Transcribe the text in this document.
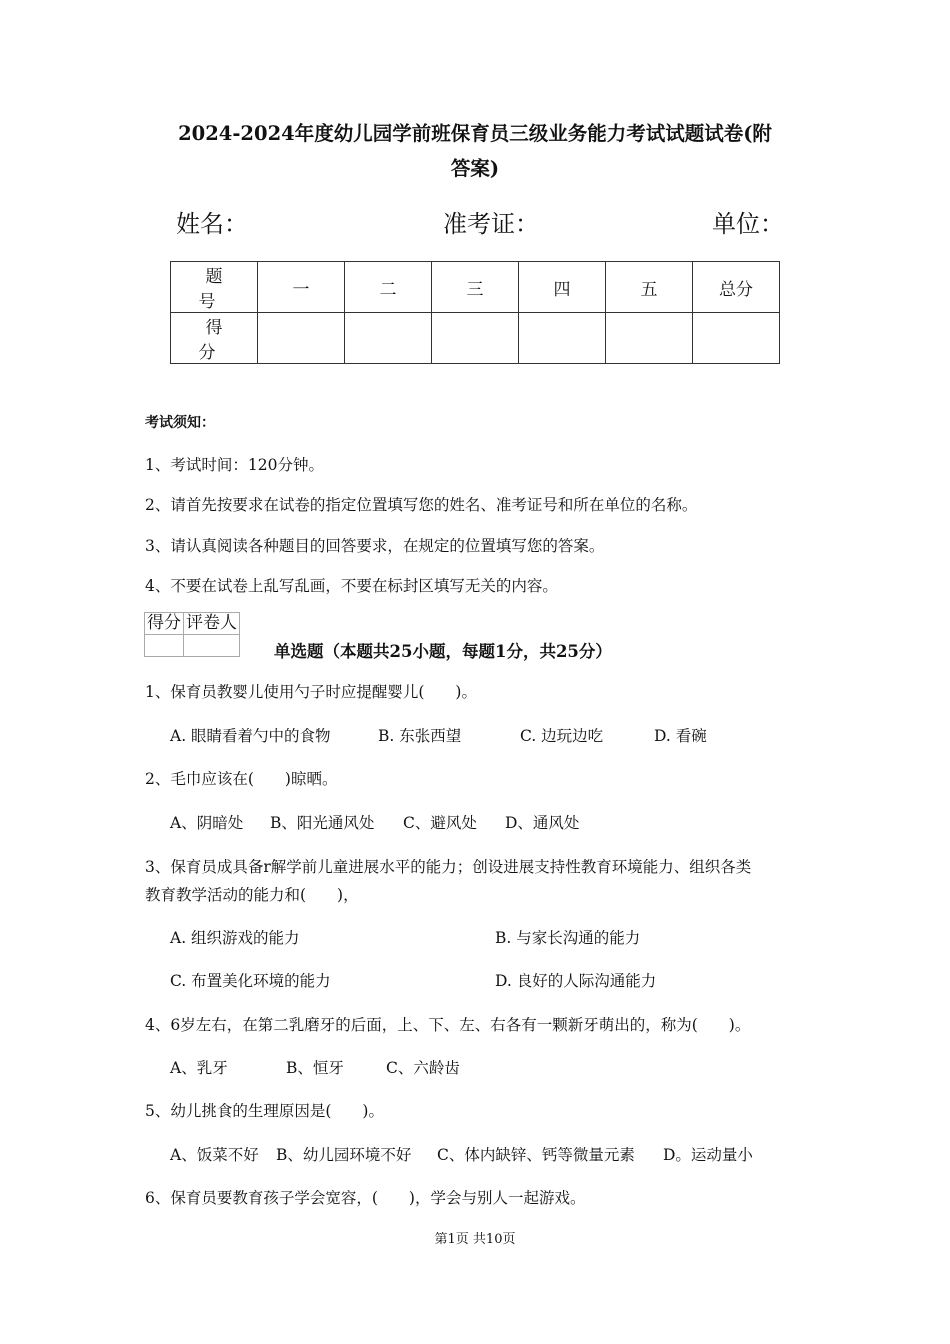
2024-2024年度幼儿园学前班保育员三级业务能力考试试题试卷(附
答案)
姓名：	准考证：	单位：
题　号	一	二	三	四	五	总分
得　分						
考试须知：
1、考试时间：120分钟。
2、请首先按要求在试卷的指定位置填写您的姓名、准考证号和所在单位的名称。
3、请认真阅读各种题目的回答要求，在规定的位置填写您的答案。
4、不要在试卷上乱写乱画，不要在标封区填写无关的内容。
得分	评卷人

单选题（本题共25小题，每题1分，共25分）
1、保育员教婴儿使用勺子时应提醒婴儿(　　)。
A. 眼睛看着勺中的食物	B. 东张西望	C. 边玩边吃	D. 看碗
2、毛巾应该在(　　)晾晒。
A、阴暗处 B、阳光通风处 C、避风处 D、通风处
3、保育员成具备r解学前儿童进展水平的能力；创设进展支持性教育环境能力、组织各类
教育教学活动的能力和(　　)，
A. 组织游戏的能力	B. 与家长沟通的能力
C. 布置美化环境的能力	D. 良好的人际沟通能力
4、6岁左右，在第二乳磨牙的后面，上、下、左、右各有一颗新牙萌出的，称为(　　)。
A、乳牙	B、恒牙	C、六龄齿
5、幼儿挑食的生理原因是(　　)。
A、饭菜不好 B、幼儿园环境不好 C、体内缺锌、钙等微量元素 D。运动量小
6、保育员要教育孩子学会宽容，(　　)，学会与别人一起游戏。
第1页 共10页
